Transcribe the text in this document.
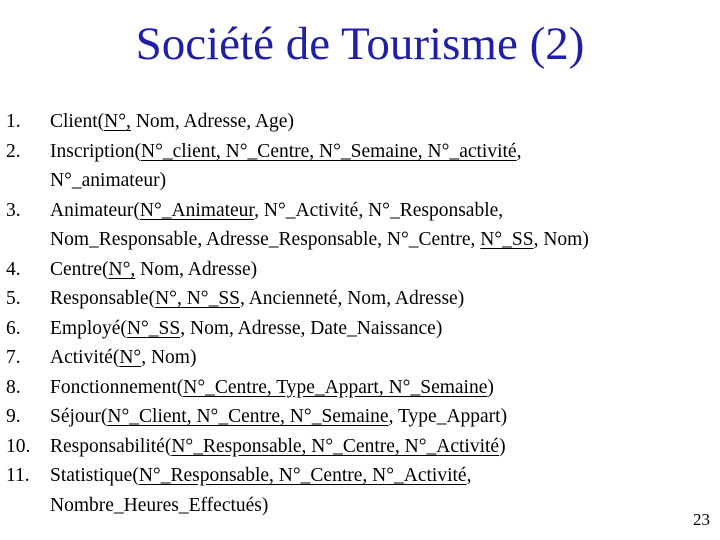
Société de Tourisme (2)
1.	Client(N°, Nom, Adresse, Age)
2.	Inscription(N°_client, N°_Centre, N°_Semaine, N°_activité,
N°_animateur)
3.	Animateur(N°_Animateur, N°_Activité, N°_Responsable,
Nom_Responsable, Adresse_Responsable, N°_Centre, N°_SS, Nom)
4.	Centre(N°, Nom, Adresse)
5.	Responsable(N°, N°_SS, Ancienneté, Nom, Adresse)
6.	Employé(N°_SS, Nom, Adresse, Date_Naissance)
7.	Activité(N°, Nom)
8.	Fonctionnement(N°_Centre, Type_Appart, N°_Semaine)
9.	Séjour(N°_Client, N°_Centre, N°_Semaine, Type_Appart)
10.	Responsabilité(N°_Responsable, N°_Centre, N°_Activité)
11.	Statistique(N°_Responsable, N°_Centre, N°_Activité,
Nombre_Heures_Effectués)
23
